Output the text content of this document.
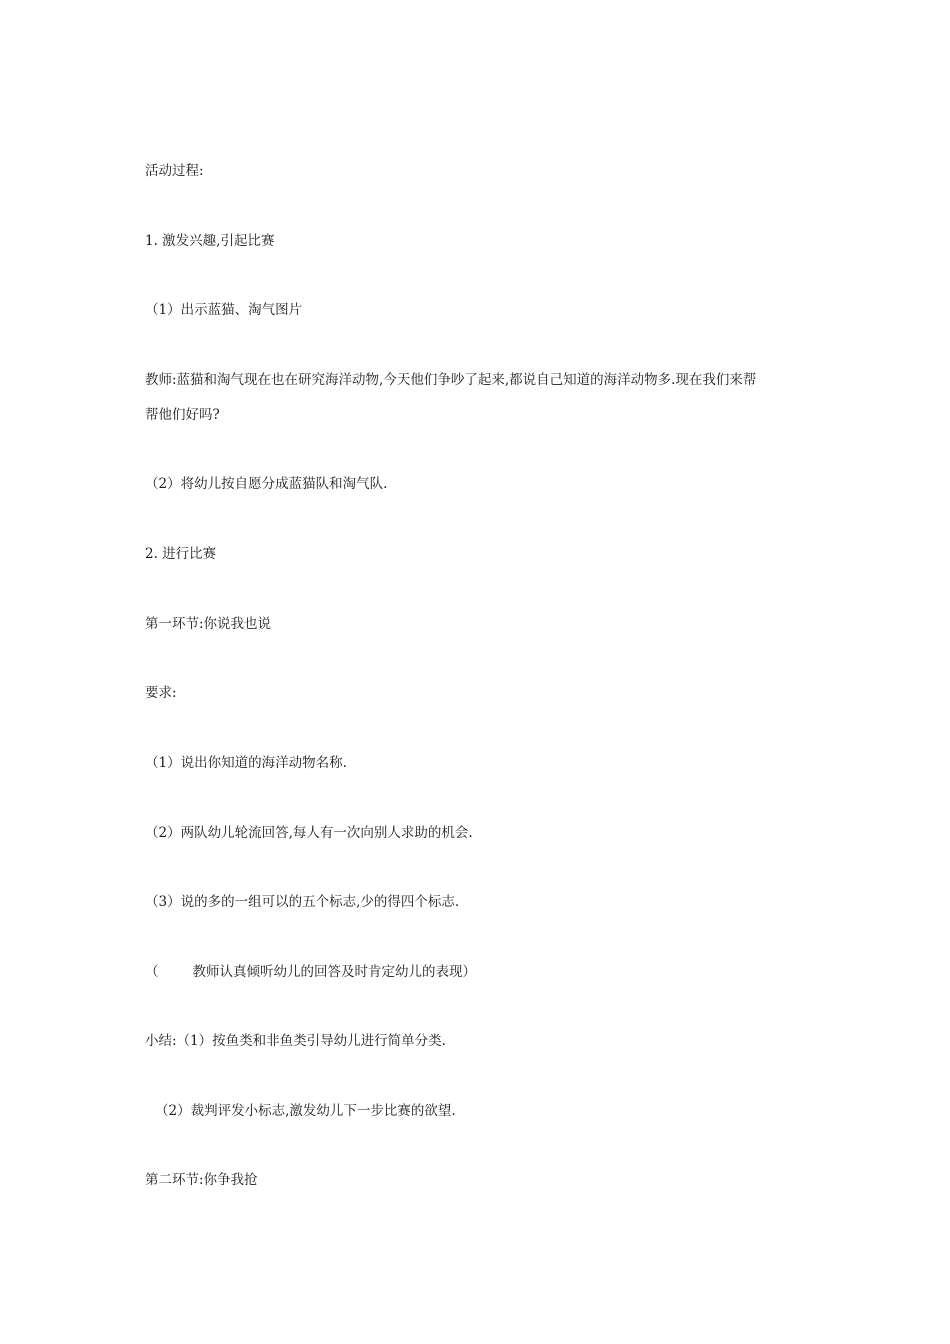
活动过程:
1. 激发兴趣,引起比赛
（1）出示蓝猫、淘气图片
教师:蓝猫和淘气现在也在研究海洋动物,今天他们争吵了起来,都说自己知道的海洋动物多.现在我们来帮
帮他们好吗?
（2）将幼儿按自愿分成蓝猫队和淘气队.
2. 进行比赛
第一环节:你说我也说
要求:
（1）说出你知道的海洋动物名称.
（2）两队幼儿轮流回答,每人有一次向别人求助的机会.
（3）说的多的一组可以的五个标志,少的得四个标志.
（	教师认真倾听幼儿的回答及时肯定幼儿的表现）
小结:（1）按鱼类和非鱼类引导幼儿进行简单分类.
（2）裁判评发小标志,激发幼儿下一步比赛的欲望.
第二环节:你争我抢
